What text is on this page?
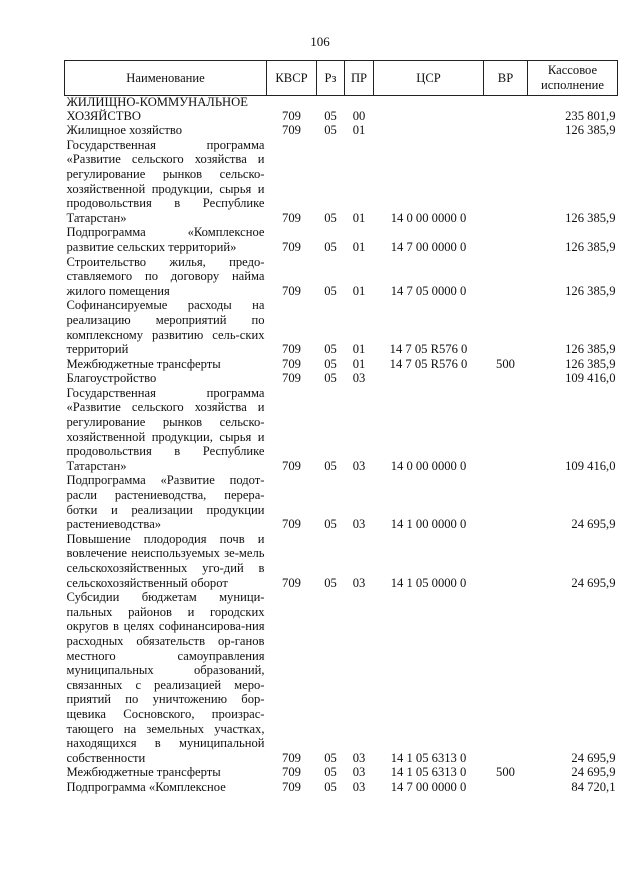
106
Наименование	КВСР	Рз	ПР	ЦСР	ВР	Кассовое исполнение
ЖИЛИЩНО-КОММУНАЛЬНОЕ ХОЗЯЙСТВО	709	05	00			235 801,9
Жилищное хозяйство	709	05	01			126 385,9
Государственная программа «Развитие сельского хозяйства и регулирование рынков сельско-хозяйственной продукции, сырья и продовольствия в Республике Татарстан»	709	05	01	14 0 00 0000 0		126 385,9
Подпрограмма «Комплексное развитие сельских территорий»	709	05	01	14 7 00 0000 0		126 385,9
Строительство жилья, предо-ставляемого по договору найма жилого помещения	709	05	01	14 7 05 0000 0		126 385,9
Софинансируемые расходы на реализацию мероприятий по комплексному развитию сель-ских территорий	709	05	01	14 7 05 R576 0		126 385,9
Межбюджетные трансферты	709	05	01	14 7 05 R576 0	500	126 385,9
Благоустройство	709	05	03			109 416,0
Государственная программа «Развитие сельского хозяйства и регулирование рынков сельско-хозяйственной продукции, сырья и продовольствия в Республике Татарстан»	709	05	03	14 0 00 0000 0		109 416,0
Подпрограмма «Развитие подот-расли растениеводства, перера-ботки и реализации продукции растениеводства»	709	05	03	14 1 00 0000 0		24 695,9
Повышение плодородия почв и вовлечение неиспользуемых зе-мель сельскохозяйственных уго-дий в сельскохозяйственный оборот	709	05	03	14 1 05 0000 0		24 695,9
Субсидии бюджетам муници-пальных районов и городских округов в целях софинансирова-ния расходных обязательств ор-ганов местного самоуправления муниципальных образований, связанных с реализацией меро-приятий по уничтожению бор-щевика Сосновского, произрас-тающего на земельных участках, находящихся в муниципальной собственности	709	05	03	14 1 05 6313 0		24 695,9
Межбюджетные трансферты	709	05	03	14 1 05 6313 0	500	24 695,9
Подпрограмма «Комплексное	709	05	03	14 7 00 0000 0		84 720,1
